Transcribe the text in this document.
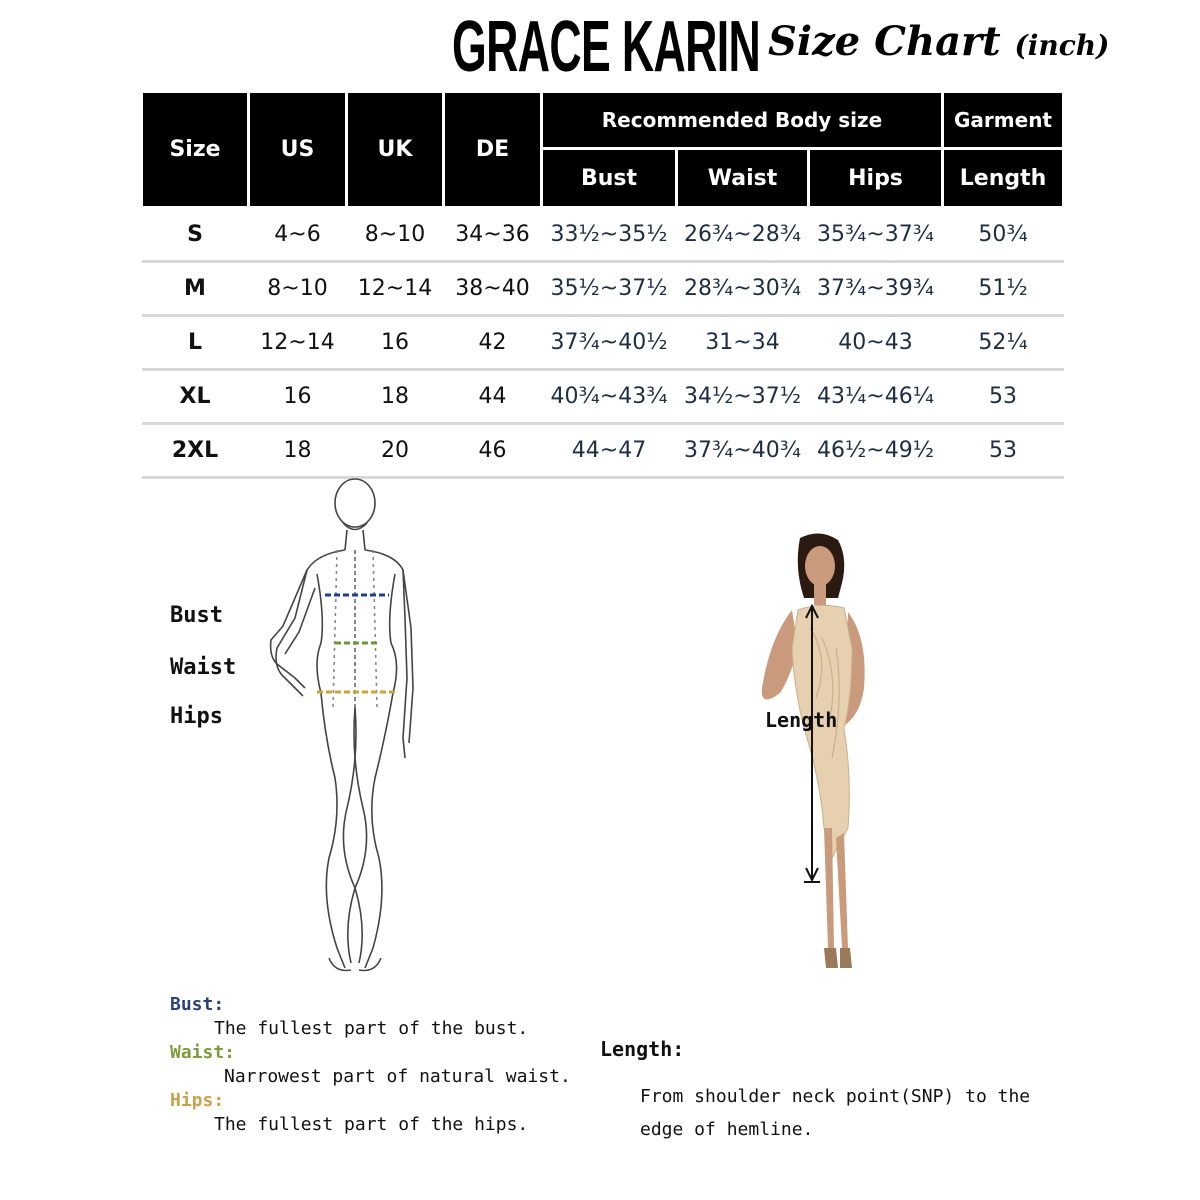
GRACE KARIN Size Chart (inch)
Size	US	UK	DE	Recommended Body size			Garment
				Bust	Waist	Hips	Length
S	4~6	8~10	34~36	33½~35½	26¾~28¾	35¾~37¾	50¾
M	8~10	12~14	38~40	35½~37½	28¾~30¾	37¾~39¾	51½
L	12~14	16	42	37¾~40½	31~34	40~43	52¼
XL	16	18	44	40¾~43¾	34½~37½	43¼~46¼	53
2XL	18	20	46	44~47	37¾~40¾	46½~49½	53
Bust
Waist
Hips	Length
Bust:
The fullest part of the bust.
Waist:
Narrowest part of natural waist.
Hips:
The fullest part of the hips.
Length:
From shoulder neck point(SNP) to the edge of hemline.
